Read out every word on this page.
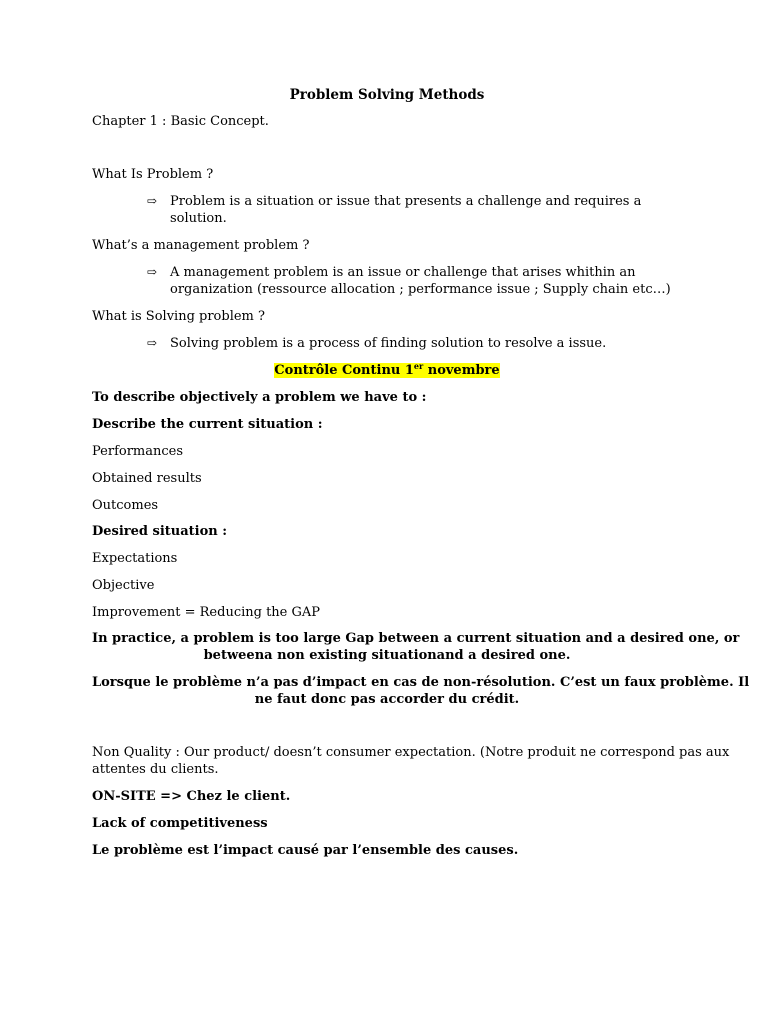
Problem Solving Methods

Chapter 1 : Basic Concept.

What Is Problem ?

⇨ Problem is a situation or issue that presents a challenge and requires a solution.

What’s a management problem ?

⇨ A management problem is an issue or challenge that arises whithin an organization (ressource allocation ; performance issue ; Supply chain etc…)

What is Solving problem ?

⇨ Solving problem is a process of finding solution to resolve a issue.

Contrôle Continu 1er novembre

To describe objectively a problem we have to :

Describe the current situation :

Performances

Obtained results

Outcomes

Desired situation :

Expectations

Objective

Improvement = Reducing the GAP

In practice, a problem is too large Gap between a current situation and a desired one, or

betweena non existing situationand a desired one.

Lorsque le problème n’a pas d’impact en cas de non-résolution. C’est un faux problème. Il

ne faut donc pas accorder du crédit.

Non Quality : Our product/ doesn’t consumer expectation. (Notre produit ne correspond pas aux

attentes du clients.

ON-SITE => Chez le client.

Lack of competitiveness

Le problème est l’impact causé par l’ensemble des causes.
